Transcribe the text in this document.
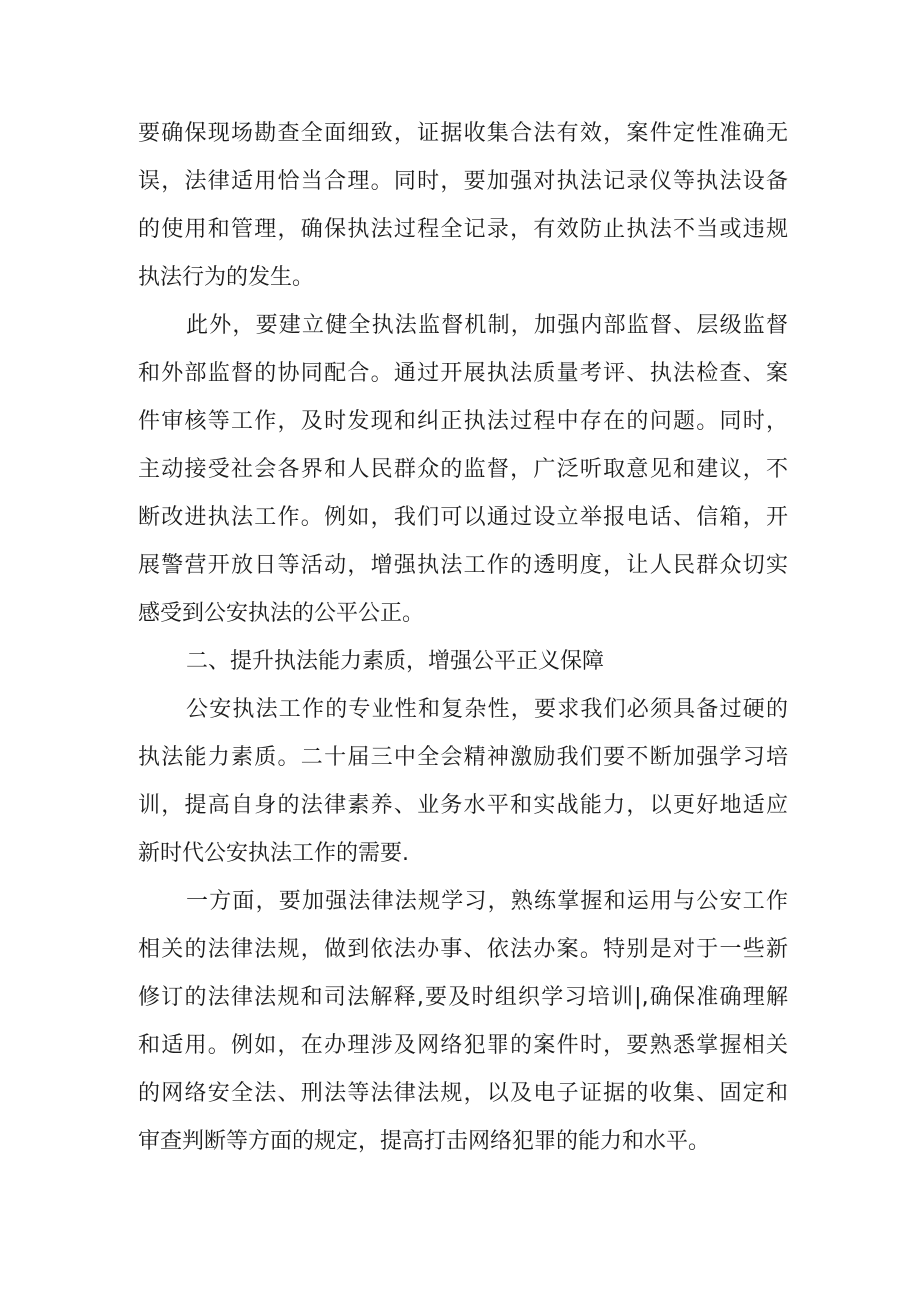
要确保现场勘查全面细致，证据收集合法有效，案件定性准确无
误，法律适用恰当合理。同时，要加强对执法记录仪等执法设备
的使用和管理，确保执法过程全记录，有效防止执法不当或违规
执法行为的发生。
此外，要建立健全执法监督机制，加强内部监督、层级监督
和外部监督的协同配合。通过开展执法质量考评、执法检查、案
件审核等工作，及时发现和纠正执法过程中存在的问题。同时，
主动接受社会各界和人民群众的监督，广泛听取意见和建议，不
断改进执法工作。例如，我们可以通过设立举报电话、信箱，开
展警营开放日等活动，增强执法工作的透明度，让人民群众切实
感受到公安执法的公平公正。
二、提升执法能力素质，增强公平正义保障
公安执法工作的专业性和复杂性，要求我们必须具备过硬的
执法能力素质。二十届三中全会精神激励我们要不断加强学习培
训，提高自身的法律素养、业务水平和实战能力，以更好地适应
新时代公安执法工作的需要.
一方面，要加强法律法规学习，熟练掌握和运用与公安工作
相关的法律法规，做到依法办事、依法办案。特别是对于一些新
修订的法律法规和司法解释,要及时组织学习培训|,确保准确理解
和适用。例如，在办理涉及网络犯罪的案件时，要熟悉掌握相关
的网络安全法、刑法等法律法规，以及电子证据的收集、固定和
审查判断等方面的规定，提高打击网络犯罪的能力和水平。
